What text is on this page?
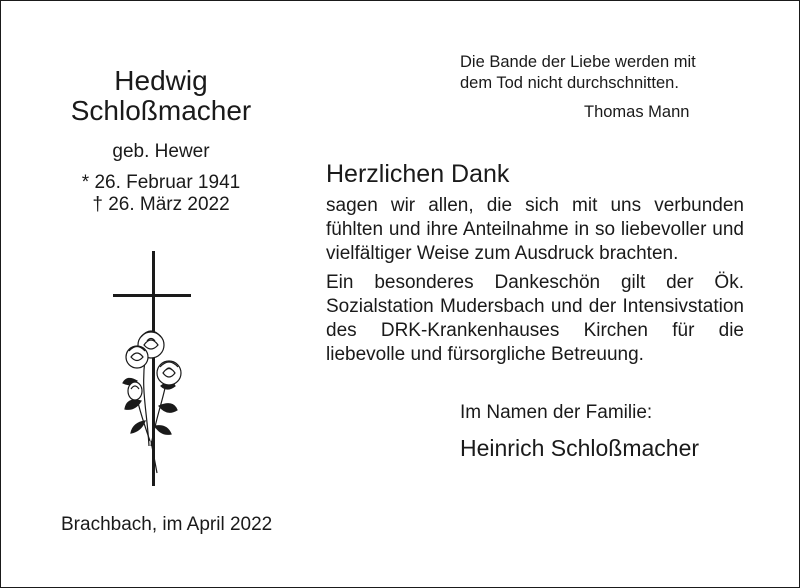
Hedwig
Schloßmacher
geb. Hewer
* 26. Februar 1941
† 26. März 2022
Brachbach, im April 2022
Die Bande der Liebe werden mit
dem Tod nicht durchschnitten.
Thomas Mann
Herzlichen Dank
sagen wir allen, die sich mit uns verbunden fühlten und ihre Anteilnahme in so liebevoller und vielfältiger Weise zum Ausdruck brachten.
Ein besonderes Dankeschön gilt der Ök. Sozialstation Mudersbach und der Intensivstation des DRK-Krankenhauses Kirchen für die liebevolle und fürsorgliche Betreuung.
Im Namen der Familie:
Heinrich Schloßmacher
